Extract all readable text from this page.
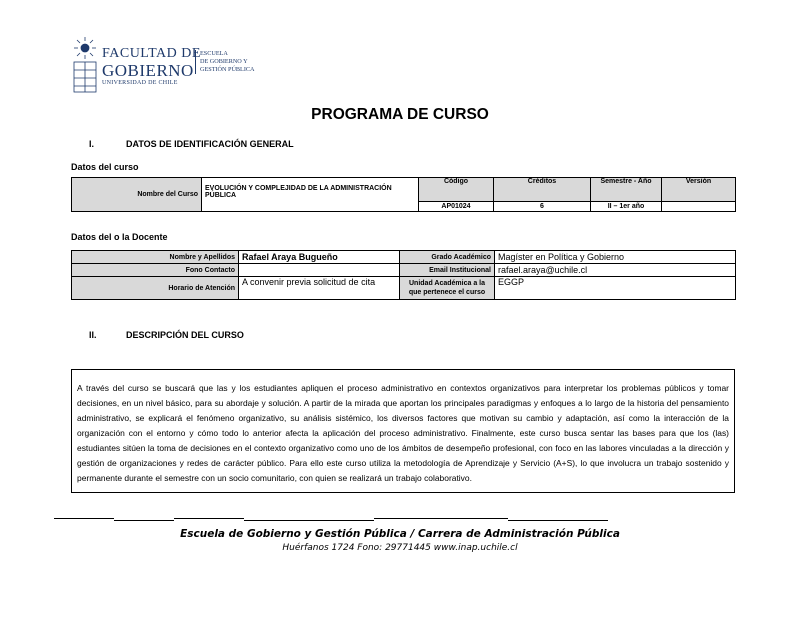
FACULTAD DE
GOBIERNO
UNIVERSIDAD DE CHILE
ESCUELA
DE GOBIERNO Y
GESTIÓN PÚBLICA
PROGRAMA DE CURSO
I.	DATOS DE IDENTIFICACIÓN GENERAL
Datos del curso
Nombre del Curso	EVOLUCIÓN Y COMPLEJIDAD DE LA ADMINISTRACIÓN PÚBLICA	Código	Créditos	Semestre - Año	Versión
		AP01024	6	II – 1er año	
Datos del o la Docente
Nombre y Apellidos	Rafael Araya Bugueño	Grado Académico	Magíster en Política y Gobierno
Fono Contacto		Email Institucional	rafael.araya@uchile.cl
Horario de Atención	A convenir previa solicitud de cita	Unidad Académica a la que pertenece el curso	EGGP
II.	DESCRIPCIÓN DEL CURSO
A través del curso se buscará que las y los estudiantes apliquen el proceso administrativo en contextos organizativos para interpretar los problemas públicos y tomar decisiones, en un nivel básico, para su abordaje y solución. A partir de la mirada que aportan los principales paradigmas y enfoques a lo largo de la historia del pensamiento administrativo, se explicará el fenómeno organizativo, su análisis sistémico, los diversos factores que motivan su cambio y adaptación, así como la interacción de la organización con el entorno y cómo todo lo anterior afecta la aplicación del proceso administrativo. Finalmente, este curso busca sentar las bases para que los (las) estudiantes sitúen la toma de decisiones en el contexto organizativo como uno de los ámbitos de desempeño profesional, con foco en las labores vinculadas a la dirección y gestión de organizaciones y redes de carácter público. Para ello este curso utiliza la metodología de Aprendizaje y Servicio (A+S), lo que involucra un trabajo sostenido y permanente durante el semestre con un socio comunitario, con quien se realizará un trabajo colaborativo.
Escuela de Gobierno y Gestión Pública / Carrera de Administración Pública
Huérfanos 1724 Fono: 29771445 www.inap.uchile.cl
